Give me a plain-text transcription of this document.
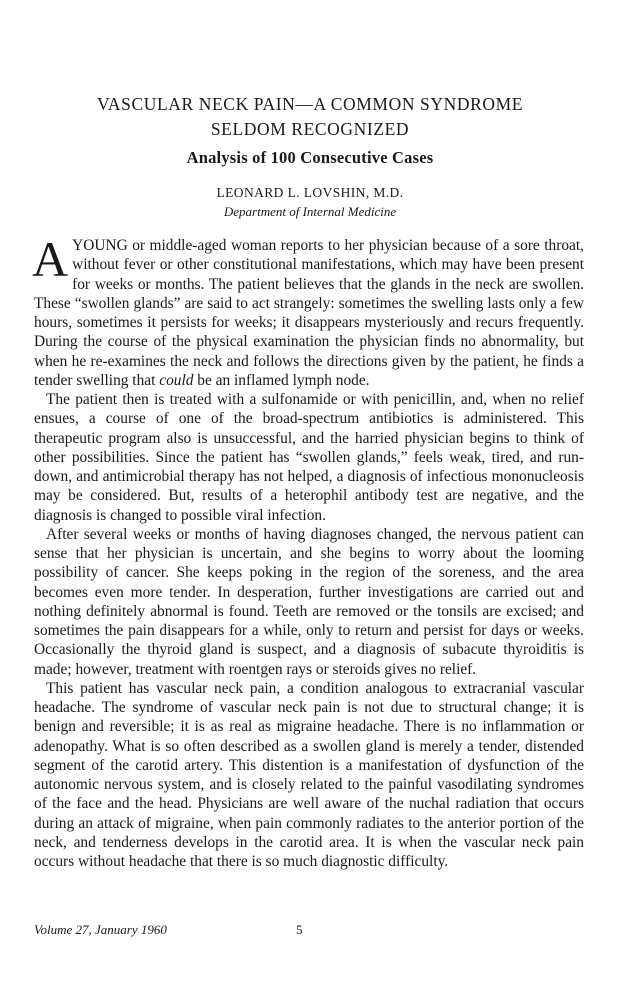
VASCULAR NECK PAIN—A COMMON SYNDROME
SELDOM RECOGNIZED
Analysis of 100 Consecutive Cases
LEONARD L. LOVSHIN, M.D.
Department of Internal Medicine

A YOUNG or middle-aged woman reports to her physician because of a sore throat, without fever or other constitutional manifestations, which may have been present for weeks or months. The patient believes that the glands in the neck are swollen. These “swollen glands” are said to act strangely: sometimes the swelling lasts only a few hours, sometimes it persists for weeks; it disappears mysteriously and recurs frequently. During the course of the physical examination the physician finds no abnormality, but when he re-examines the neck and follows the directions given by the patient, he finds a tender swelling that could be an inflamed lymph node.

The patient then is treated with a sulfonamide or with penicillin, and, when no relief ensues, a course of one of the broad-spectrum antibiotics is administered. This therapeutic program also is unsuccessful, and the harried physician begins to think of other possibilities. Since the patient has “swollen glands,” feels weak, tired, and run-down, and antimicrobial therapy has not helped, a diagnosis of infectious mononucleosis may be considered. But, results of a heterophil antibody test are negative, and the diagnosis is changed to possible viral infection.

After several weeks or months of having diagnoses changed, the nervous patient can sense that her physician is uncertain, and she begins to worry about the looming possibility of cancer. She keeps poking in the region of the soreness, and the area becomes even more tender. In desperation, further investigations are carried out and nothing definitely abnormal is found. Teeth are removed or the tonsils are excised; and sometimes the pain disappears for a while, only to return and persist for days or weeks. Occasionally the thyroid gland is suspect, and a diagnosis of subacute thyroiditis is made; however, treatment with roentgen rays or steroids gives no relief.

This patient has vascular neck pain, a condition analogous to extracranial vascular headache. The syndrome of vascular neck pain is not due to structural change; it is benign and reversible; it is as real as migraine headache. There is no inflammation or adenopathy. What is so often described as a swollen gland is merely a tender, distended segment of the carotid artery. This distention is a manifestation of dysfunction of the autonomic nervous system, and is closely related to the painful vasodilating syndromes of the face and the head. Physicians are well aware of the nuchal radiation that occurs during an attack of migraine, when pain commonly radiates to the anterior portion of the neck, and tenderness develops in the carotid area. It is when the vascular neck pain occurs without headache that there is so much diagnostic difficulty.

Volume 27, January 1960	5
